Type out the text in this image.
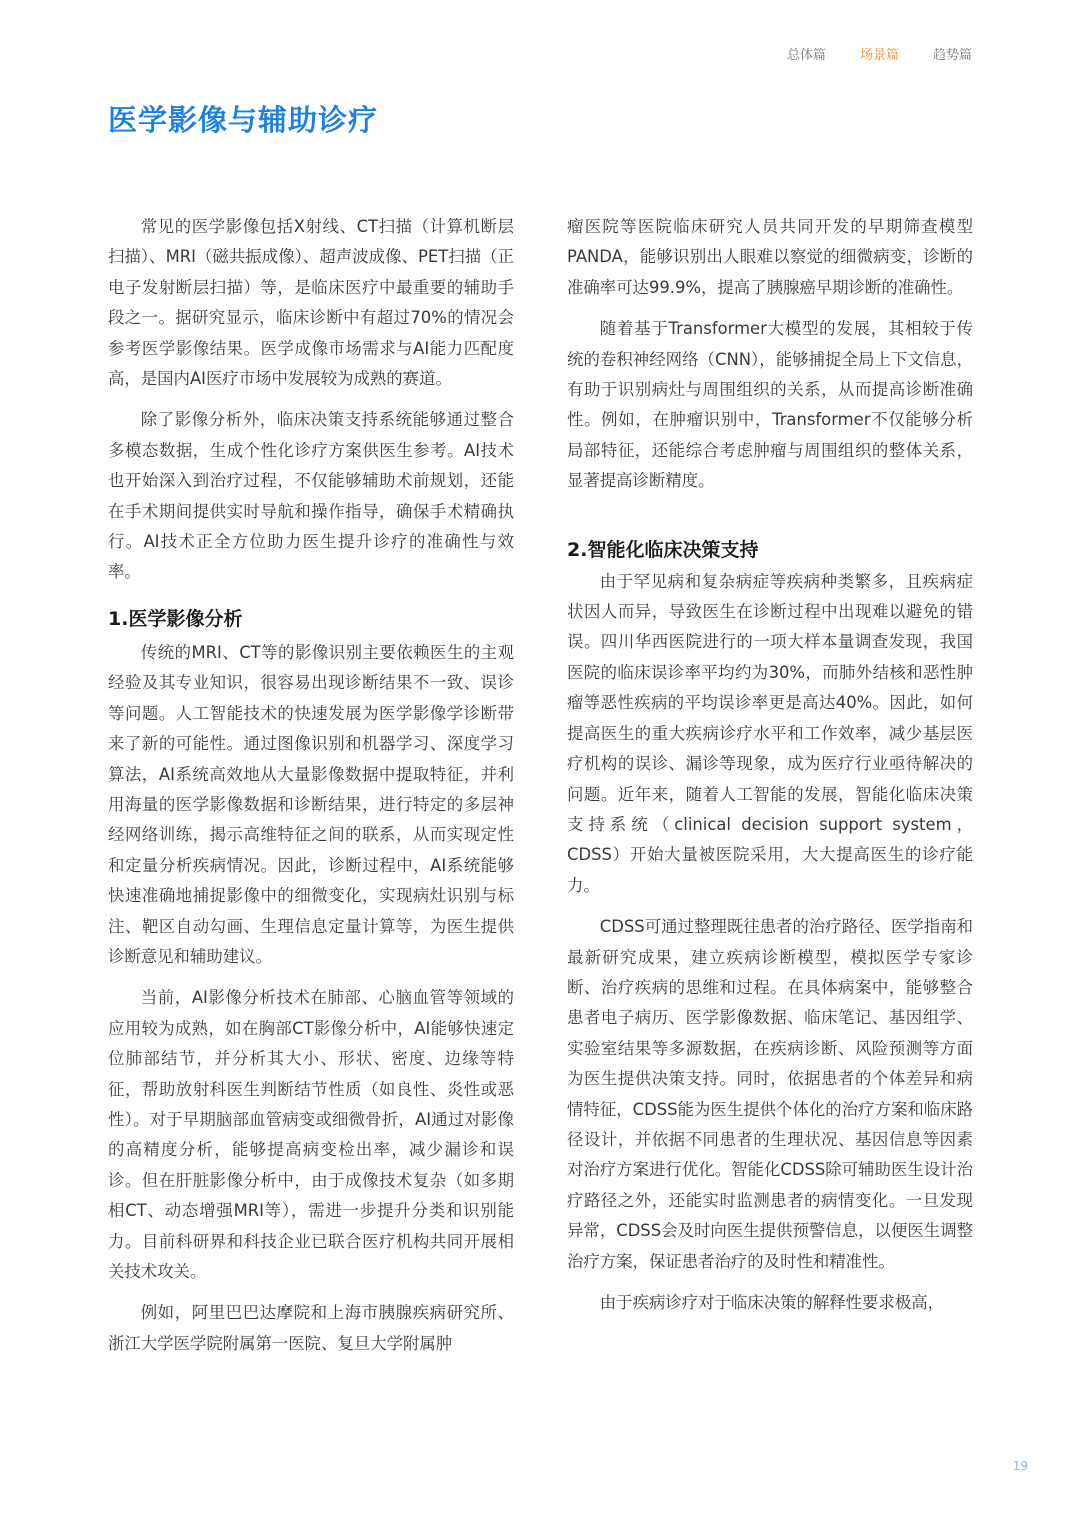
总体篇	场景篇	趋势篇
医学影像与辅助诊疗

常见的医学影像包括X射线、CT扫描（计算机断层扫描）、MRI（磁共振成像）、超声波成像、PET扫描（正电子发射断层扫描）等，是临床医疗中最重要的辅助手段之一。据研究显示，临床诊断中有超过70%的情况会参考医学影像结果。医学成像市场需求与AI能力匹配度高，是国内AI医疗市场中发展较为成熟的赛道。

除了影像分析外，临床决策支持系统能够通过整合多模态数据，生成个性化诊疗方案供医生参考。AI技术也开始深入到治疗过程，不仅能够辅助术前规划，还能在手术期间提供实时导航和操作指导，确保手术精确执行。AI技术正全方位助力医生提升诊疗的准确性与效率。

1.医学影像分析

传统的MRI、CT等的影像识别主要依赖医生的主观经验及其专业知识，很容易出现诊断结果不一致、误诊等问题。人工智能技术的快速发展为医学影像学诊断带来了新的可能性。通过图像识别和机器学习、深度学习算法，AI系统高效地从大量影像数据中提取特征，并利用海量的医学影像数据和诊断结果，进行特定的多层神经网络训练，揭示高维特征之间的联系，从而实现定性和定量分析疾病情况。因此，诊断过程中，AI系统能够快速准确地捕捉影像中的细微变化，实现病灶识别与标注、靶区自动勾画、生理信息定量计算等，为医生提供诊断意见和辅助建议。

当前，AI影像分析技术在肺部、心脑血管等领域的应用较为成熟，如在胸部CT影像分析中，AI能够快速定位肺部结节，并分析其大小、形状、密度、边缘等特征，帮助放射科医生判断结节性质（如良性、炎性或恶性）。对于早期脑部血管病变或细微骨折，AI通过对影像的高精度分析，能够提高病变检出率，减少漏诊和误诊。但在肝脏影像分析中，由于成像技术复杂（如多期相CT、动态增强MRI等），需进一步提升分类和识别能力。目前科研界和科技企业已联合医疗机构共同开展相关技术攻关。

例如，阿里巴巴达摩院和上海市胰腺疾病研究所、浙江大学医学院附属第一医院、复旦大学附属肿

瘤医院等医院临床研究人员共同开发的早期筛查模型PANDA，能够识别出人眼难以察觉的细微病变，诊断的准确率可达99.9%，提高了胰腺癌早期诊断的准确性。

随着基于Transformer大模型的发展，其相较于传统的卷积神经网络（CNN），能够捕捉全局上下文信息，有助于识别病灶与周围组织的关系，从而提高诊断准确性。例如，在肿瘤识别中，Transformer不仅能够分析局部特征，还能综合考虑肿瘤与周围组织的整体关系，显著提高诊断精度。

2.智能化临床决策支持

由于罕见病和复杂病症等疾病种类繁多，且疾病症状因人而异，导致医生在诊断过程中出现难以避免的错误。四川华西医院进行的一项大样本量调查发现，我国医院的临床误诊率平均约为30%，而肺外结核和恶性肿瘤等恶性疾病的平均误诊率更是高达40%。因此，如何提高医生的重大疾病诊疗水平和工作效率，减少基层医疗机构的误诊、漏诊等现象，成为医疗行业亟待解决的问题。近年来，随着人工智能的发展，智能化临床决策支持系统（clinical decision support system，CDSS）开始大量被医院采用，大大提高医生的诊疗能力。

CDSS可通过整理既往患者的治疗路径、医学指南和最新研究成果，建立疾病诊断模型，模拟医学专家诊断、治疗疾病的思维和过程。在具体病案中，能够整合患者电子病历、医学影像数据、临床笔记、基因组学、实验室结果等多源数据，在疾病诊断、风险预测等方面为医生提供决策支持。同时，依据患者的个体差异和病情特征，CDSS能为医生提供个体化的治疗方案和临床路径设计，并依据不同患者的生理状况、基因信息等因素对治疗方案进行优化。智能化CDSS除可辅助医生设计治疗路径之外，还能实时监测患者的病情变化。一旦发现异常，CDSS会及时向医生提供预警信息，以便医生调整治疗方案，保证患者治疗的及时性和精准性。

由于疾病诊疗对于临床决策的解释性要求极高，

19
